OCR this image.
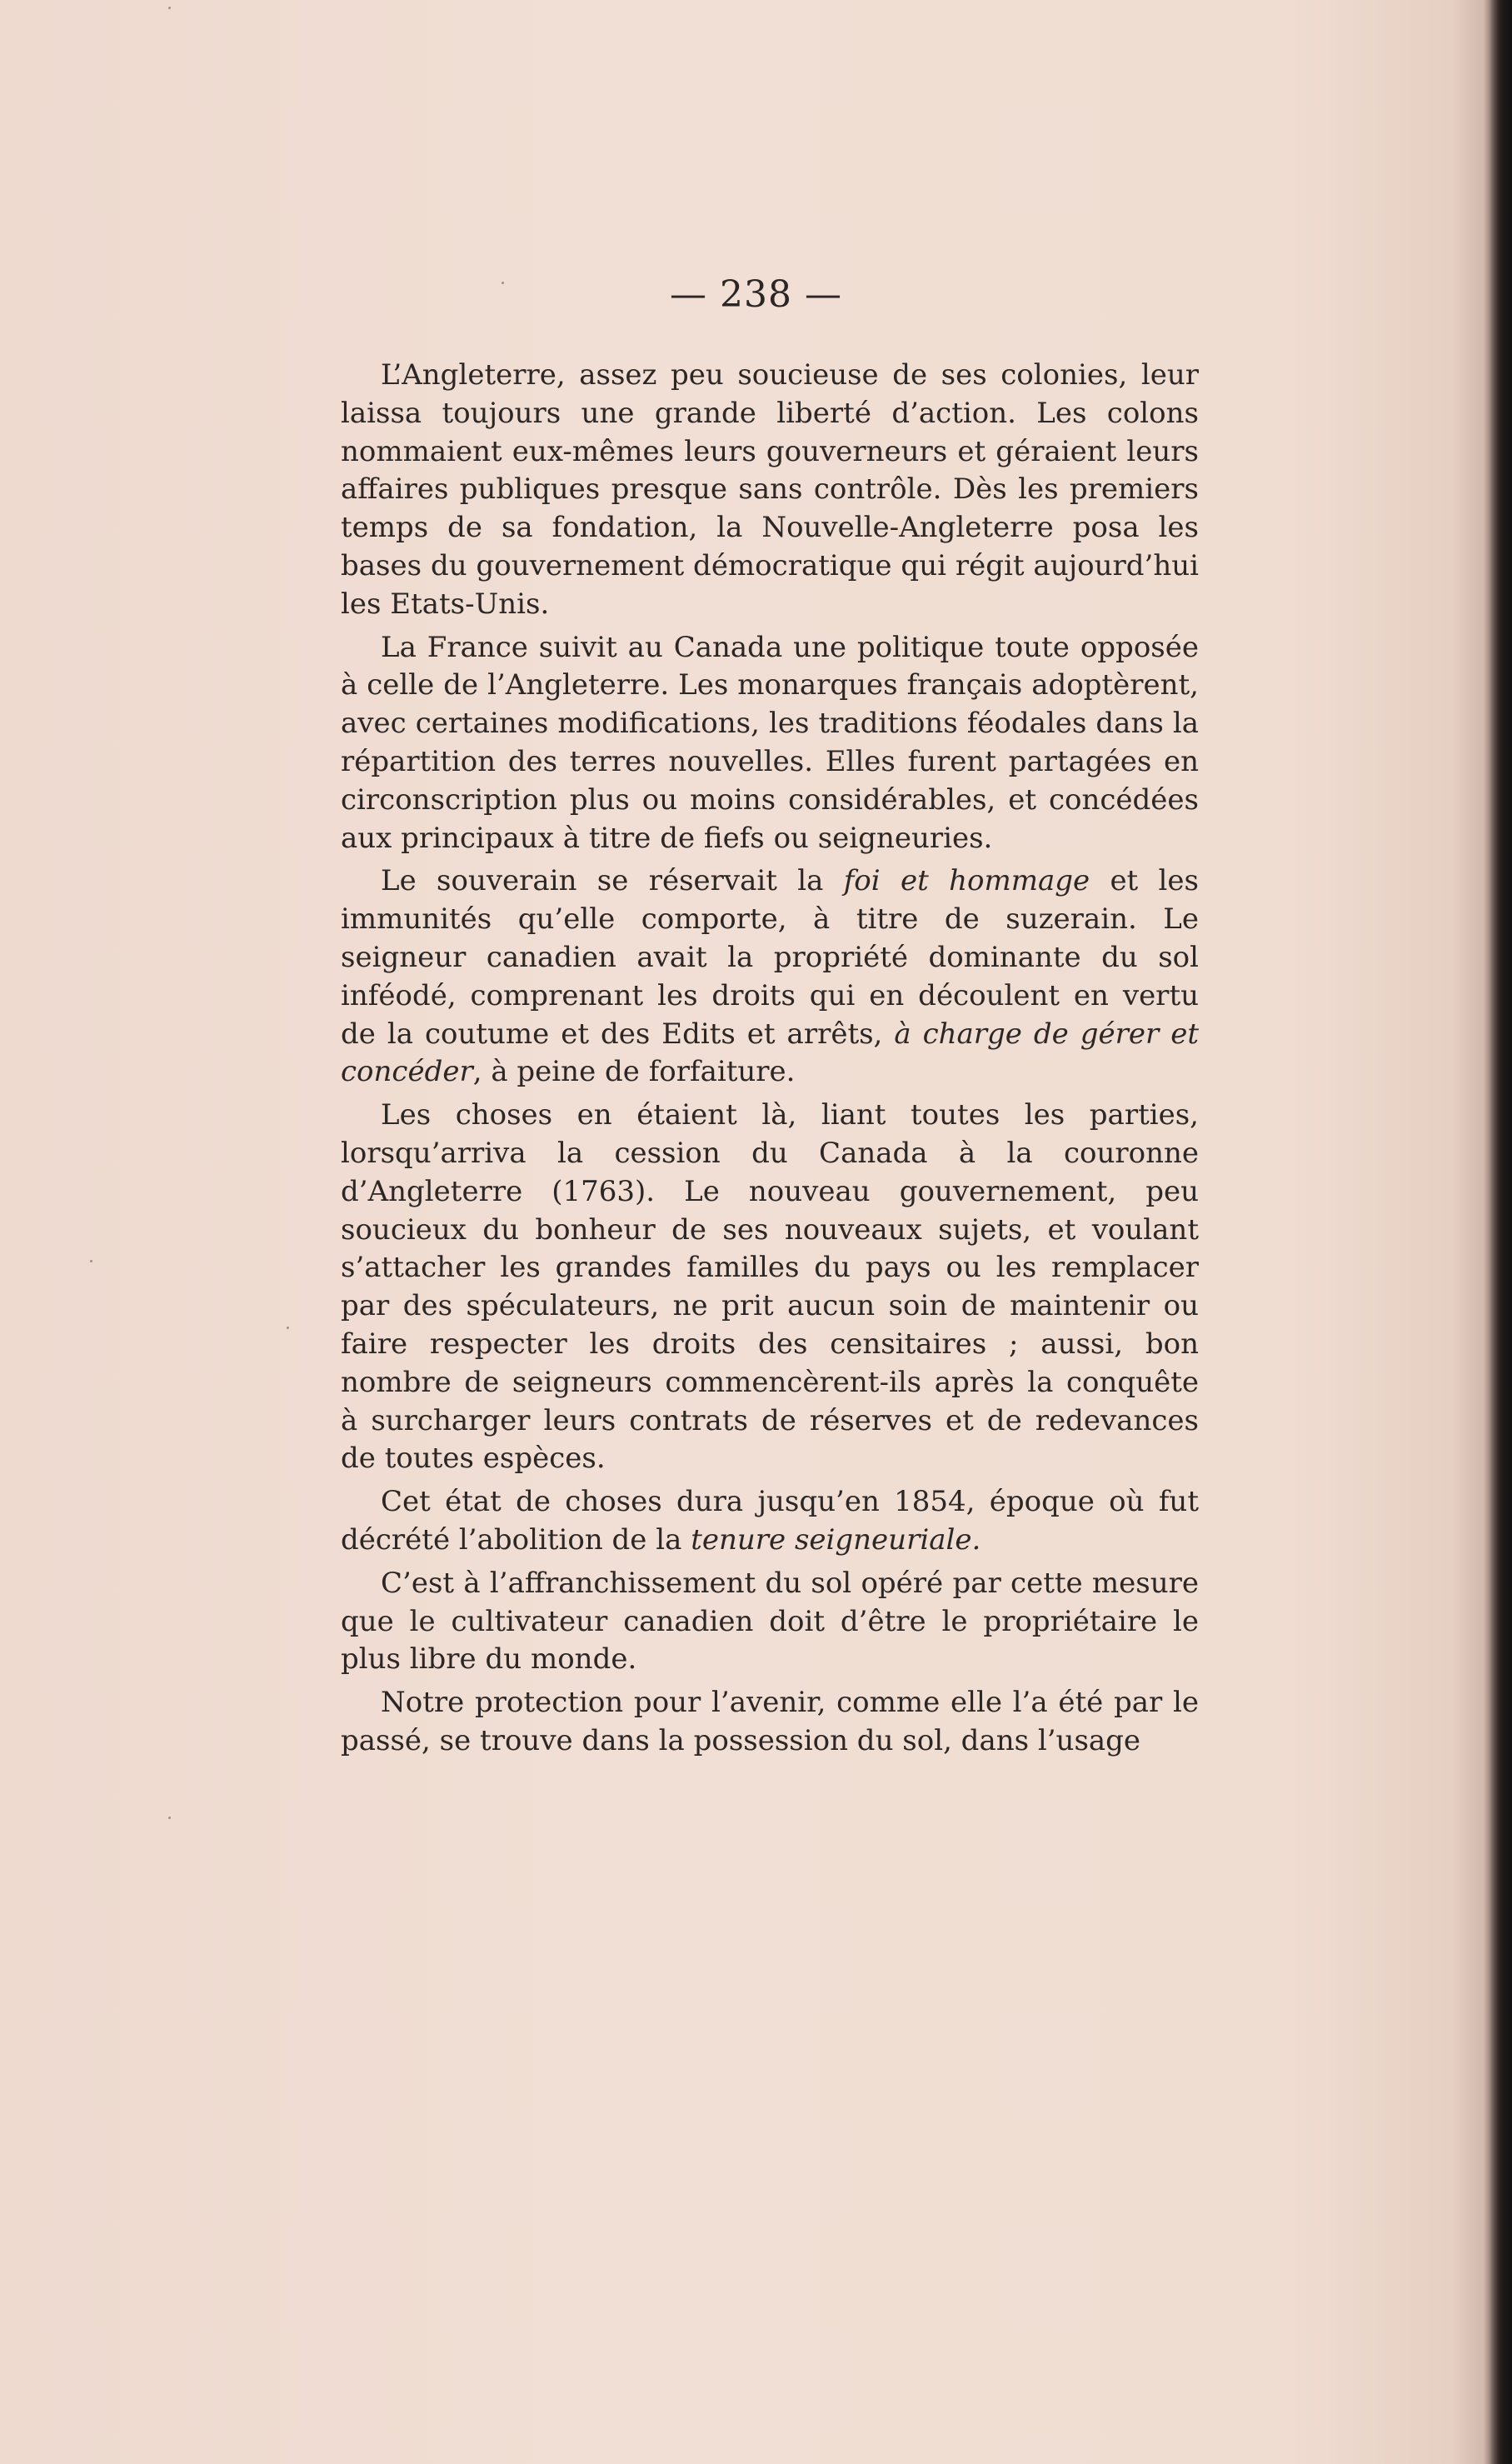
— 238 —

L’Angleterre, assez peu soucieuse de ses colonies, leur laissa toujours une grande liberté d’action. Les colons nommaient eux-mêmes leurs gouverneurs et géraient leurs affaires publiques presque sans contrôle. Dès les premiers temps de sa fondation, la Nouvelle-Angleterre posa les bases du gouvernement démocratique qui régit aujourd’hui les Etats-Unis.

La France suivit au Canada une politique toute opposée à celle de l’Angleterre. Les monarques français adoptèrent, avec certaines modifications, les traditions féodales dans la répartition des terres nouvelles. Elles furent partagées en circonscription plus ou moins considérables, et concédées aux principaux à titre de fiefs ou seigneuries.

Le souverain se réservait la foi et hommage et les immunités qu’elle comporte, à titre de suzerain. Le seigneur canadien avait la propriété dominante du sol inféodé, comprenant les droits qui en découlent en vertu de la coutume et des Edits et arrêts, à charge de gérer et concéder, à peine de forfaiture.

Les choses en étaient là, liant toutes les parties, lorsqu’arriva la cession du Canada à la couronne d’Angleterre (1763). Le nouveau gouvernement, peu soucieux du bonheur de ses nouveaux sujets, et voulant s’attacher les grandes familles du pays ou les remplacer par des spéculateurs, ne prit aucun soin de maintenir ou faire respecter les droits des censitaires ; aussi, bon nombre de seigneurs commencèrent-ils après la conquête à surcharger leurs contrats de réserves et de redevances de toutes espèces.

Cet état de choses dura jusqu’en 1854, époque où fut décrété l’abolition de la tenure seigneuriale.

C’est à l’affranchissement du sol opéré par cette mesure que le cultivateur canadien doit d’être le propriétaire le plus libre du monde.

Notre protection pour l’avenir, comme elle l’a été par le passé, se trouve dans la possession du sol, dans l’usage
